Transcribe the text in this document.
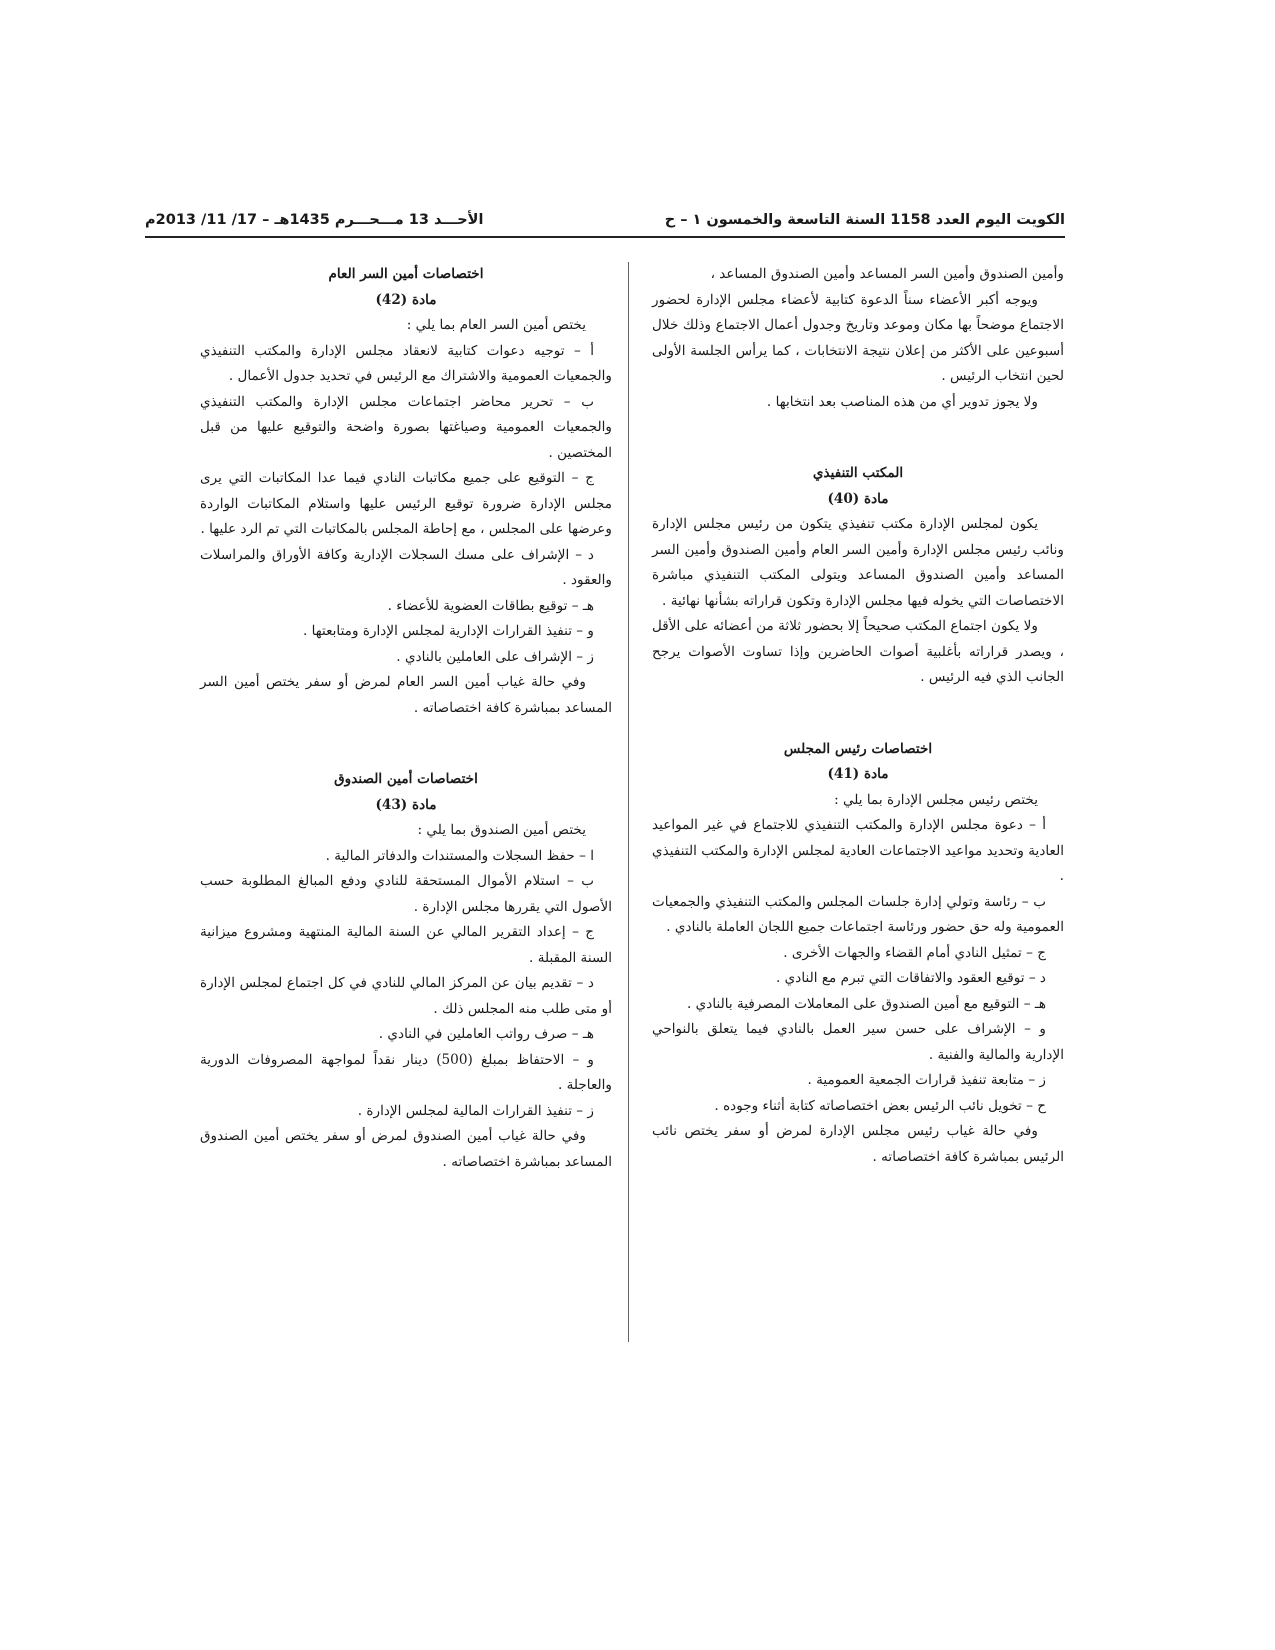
الكويت اليوم العدد 1158 السنة التاسعة والخمسون ١ – ح
الأحـــد 13 مـــحـــرم 1435هـ – 17/ 11/ 2013م

وأمين الصندوق وأمين السر المساعد وأمين الصندوق المساعد ،

ويوجه أكبر الأعضاء سناً الدعوة كتابية لأعضاء مجلس الإدارة لحضور الاجتماع موضحاً بها مكان وموعد وتاريخ وجدول أعمال الاجتماع وذلك خلال أسبوعين على الأكثر من إعلان نتيجة الانتخابات ، كما يرأس الجلسة الأولى لحين انتخاب الرئيس .

ولا يجوز تدوير أي من هذه المناصب بعد انتخابها .

المكتب التنفيذي

مادة (40)

يكون لمجلس الإدارة مكتب تنفيذي يتكون من رئيس مجلس الإدارة ونائب رئيس مجلس الإدارة وأمين السر العام وأمين الصندوق وأمين السر المساعد وأمين الصندوق المساعد ويتولى المكتب التنفيذي مباشرة الاختصاصات التي يخوله فيها مجلس الإدارة وتكون قراراته بشأنها نهائية .

ولا يكون اجتماع المكتب صحيحاً إلا بحضور ثلاثة من أعضائه على الأقل ، ويصدر قراراته بأغلبية أصوات الحاضرين وإذا تساوت الأصوات يرجح الجانب الذي فيه الرئيس .

اختصاصات رئيس المجلس

مادة (41)

يختص رئيس مجلس الإدارة بما يلي :

أ – دعوة مجلس الإدارة والمكتب التنفيذي للاجتماع في غير المواعيد العادية وتحديد مواعيد الاجتماعات العادية لمجلس الإدارة والمكتب التنفيذي .

ب – رئاسة وتولي إدارة جلسات المجلس والمكتب التنفيذي والجمعيات العمومية وله حق حضور ورئاسة اجتماعات جميع اللجان العاملة بالنادي .

ج – تمثيل النادي أمام القضاء والجهات الأخرى .

د – توقيع العقود والاتفاقات التي تبرم مع النادي .

هـ – التوقيع مع أمين الصندوق على المعاملات المصرفية بالنادي .

و – الإشراف على حسن سير العمل بالنادي فيما يتعلق بالنواحي الإدارية والمالية والفنية .

ز – متابعة تنفيذ قرارات الجمعية العمومية .

ح – تخويل نائب الرئيس بعض اختصاصاته كتابة أثناء وجوده .

وفي حالة غياب رئيس مجلس الإدارة لمرض أو سفر يختص نائب الرئيس بمباشرة كافة اختصاصاته .

اختصاصات أمين السر العام

مادة (42)

يختص أمين السر العام بما يلي :

أ – توجيه دعوات كتابية لانعقاد مجلس الإدارة والمكتب التنفيذي والجمعيات العمومية والاشتراك مع الرئيس في تحديد جدول الأعمال .

ب – تحرير محاضر اجتماعات مجلس الإدارة والمكتب التنفيذي والجمعيات العمومية وصياغتها بصورة واضحة والتوقيع عليها من قبل المختصين .

ج – التوقيع على جميع مكاتبات النادي فيما عدا المكاتبات التي يرى مجلس الإدارة ضرورة توقيع الرئيس عليها واستلام المكاتبات الواردة وعرضها على المجلس ، مع إحاطة المجلس بالمكاتبات التي تم الرد عليها .

د – الإشراف على مسك السجلات الإدارية وكافة الأوراق والمراسلات والعقود .

هـ – توقيع بطاقات العضوية للأعضاء .

و – تنفيذ القرارات الإدارية لمجلس الإدارة ومتابعتها .

ز – الإشراف على العاملين بالنادي .

وفي حالة غياب أمين السر العام لمرض أو سفر يختص أمين السر المساعد بمباشرة كافة اختصاصاته .

اختصاصات أمين الصندوق

مادة (43)

يختص أمين الصندوق بما يلي :

ا – حفظ السجلات والمستندات والدفاتر المالية .

ب – استلام الأموال المستحقة للنادي ودفع المبالغ المطلوبة حسب الأصول التي يقررها مجلس الإدارة .

ج – إعداد التقرير المالي عن السنة المالية المنتهية ومشروع ميزانية السنة المقبلة .

د – تقديم بيان عن المركز المالي للنادي في كل اجتماع لمجلس الإدارة أو متى طلب منه المجلس ذلك .

هـ – صرف رواتب العاملين في النادي .

و – الاحتفاظ بمبلغ (500) دينار نقداً لمواجهة المصروفات الدورية والعاجلة .

ز – تنفيذ القرارات المالية لمجلس الإدارة .

وفي حالة غياب أمين الصندوق لمرض أو سفر يختص أمين الصندوق المساعد بمباشرة اختصاصاته .
